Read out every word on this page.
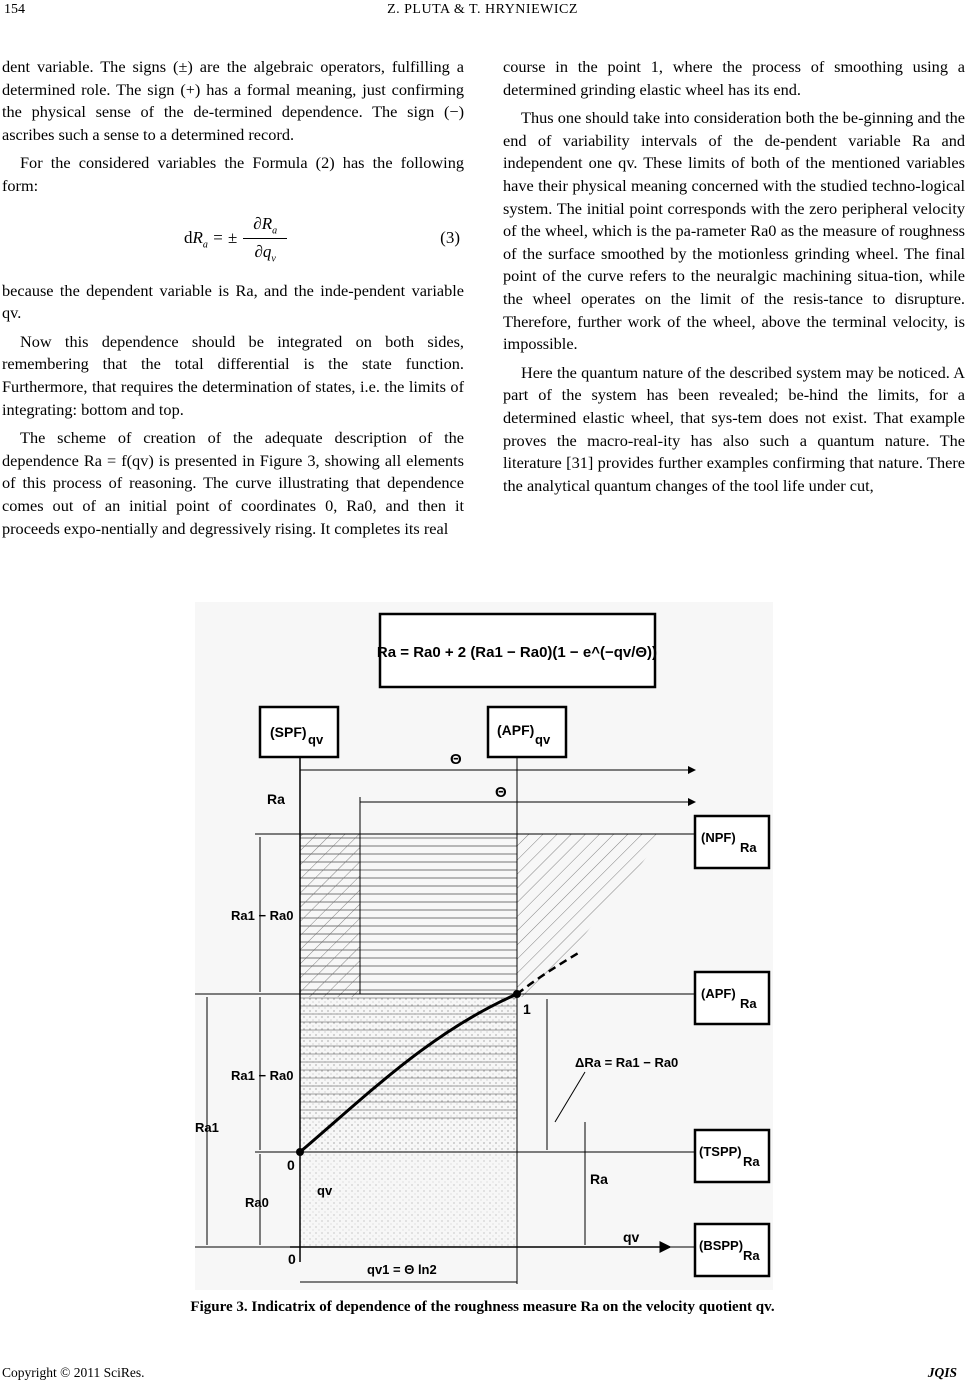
154	Z. PLUTA & T. HRYNIEWICZ

dent variable. The signs (±) are the algebraic operators, fulfilling a determined role. The sign (+) has a formal meaning, just confirming the physical sense of the de-termined dependence. The sign (−) ascribes such a sense to a determined record.

For the considered variables the Formula (2) has the following form:

$dR_a$ = ± $\frac{\partial R_a}{\partial q_v}$	(3)

because the dependent variable is Ra, and the inde-pendent variable qv.

Now this dependence should be integrated on both sides, remembering that the total differential is the state function. Furthermore, that requires the determination of states, i.e. the limits of integrating: bottom and top.

The scheme of creation of the adequate description of the dependence Ra = f(qv) is presented in Figure 3, showing all elements of this process of reasoning. The curve illustrating that dependence comes out of an initial point of coordinates 0, Ra0, and then it proceeds expo-nentially and degressively rising. It completes its real

course in the point 1, where the process of smoothing using a determined grinding elastic wheel has its end.

Thus one should take into consideration both the be-ginning and the end of variability intervals of the de-pendent variable Ra and independent one qv. These limits of both of the mentioned variables have their physical meaning concerned with the studied techno-logical system. The initial point corresponds with the zero peripheral velocity of the wheel, which is the pa-rameter Ra0 as the measure of roughness of the surface smoothed by the motionless grinding wheel. The final point of the curve refers to the neuralgic machining situa-tion, while the wheel operates on the limit of the resis-tance to disrupture. Therefore, further work of the wheel, above the terminal velocity, is impossible.

Here the quantum nature of the described system may be noticed. A part of the system has been revealed; be-hind the limits, for a determined elastic wheel, that sys-tem does not exist. That example proves the macro-real-ity has also such a quantum nature. The literature [31] provides further examples confirming that nature. There the analytical quantum changes of the tool life under cut,

Ra = Ra0 + 2 (Ra1 − Ra0)(1 − e^(−qv/Θ))
Θ
Θ
0
1
(SPF) qv
(APF)
qv
(NPF)
Ra
(APF)
Ra
(TSPP)
Ra
(BSPP)
Ra
Ra
qv
0
Ra1 − Ra0
Ra1 − Ra0
Ra1
Ra0
qv
Ra
ΔRa = Ra1 − Ra0
qv1 = Θ ln2
Figure 3. Indicatrix of dependence of the roughness measure Ra on the velocity quotient qv.
Copyright © 2011 SciRes.	JQIS
